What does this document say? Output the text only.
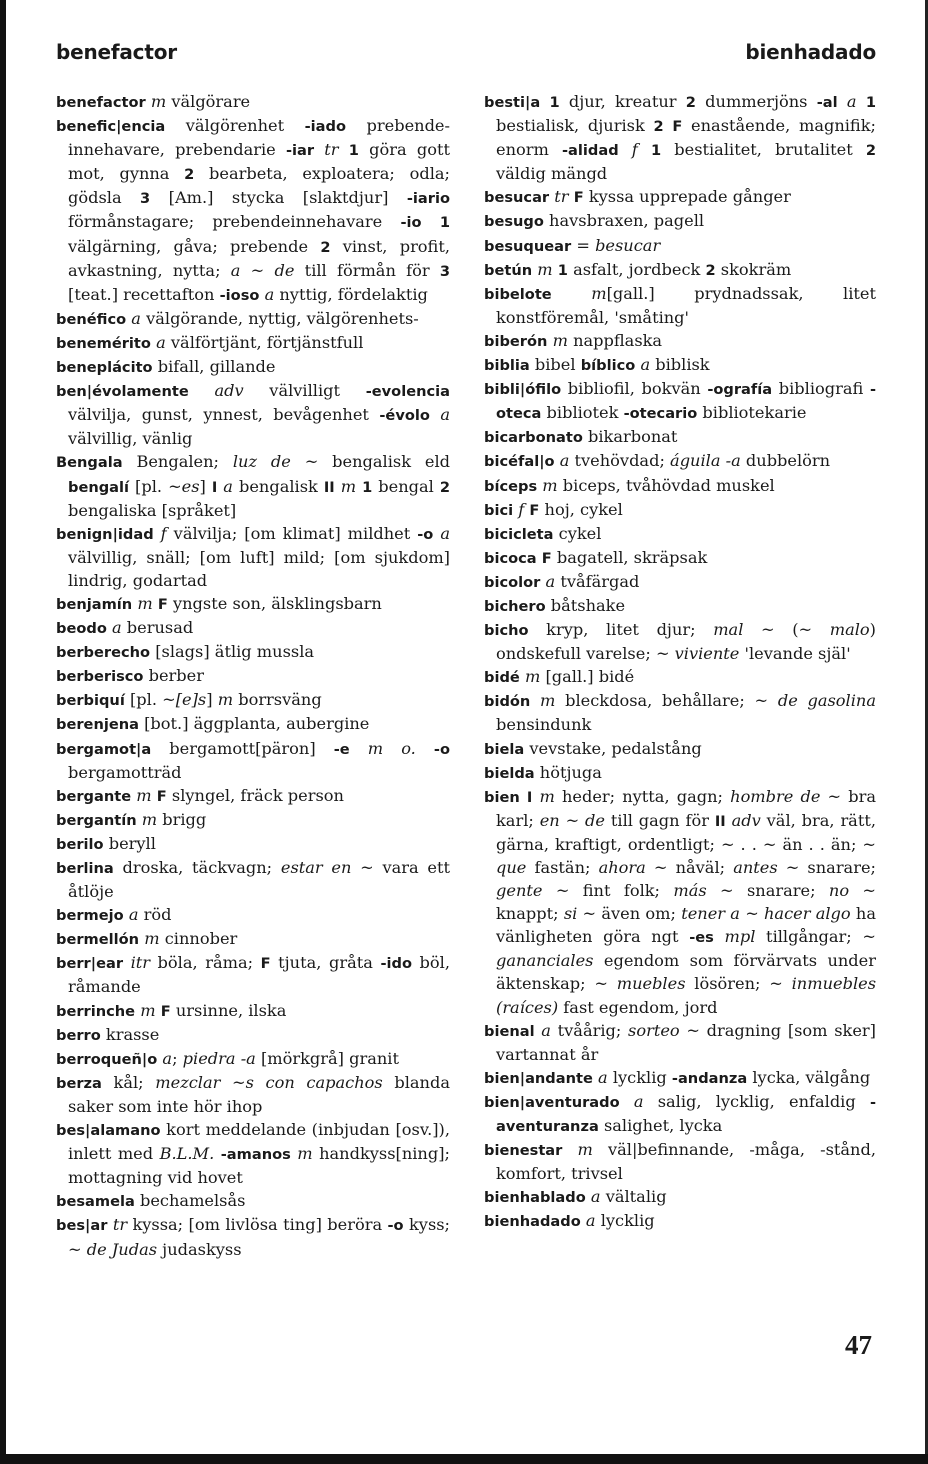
benefactor	bienhadado

benefactor m välgörare

benefic|encia välgörenhet -iado prebende-innehavare, prebendarie -iar tr 1 göra gott mot, gynna 2 bearbeta, exploatera; odla; gödsla 3 [Am.] stycka [slaktdjur] -iario förmånstagare; prebendeinnehavare -io 1 välgärning, gåva; prebende 2 vinst, profit, avkastning, nytta; a ~ de till förmån för 3 [teat.] recettafton -ioso a nyttig, fördelaktig

benéfico a välgörande, nyttig, välgörenhets-

benemérito a välförtjänt, förtjänstfull

beneplácito bifall, gillande

ben|évolamente adv välvilligt -evolencia välvilja, gunst, ynnest, bevågenhet -évolo a välvillig, vänlig

Bengala Bengalen; luz de ~ bengalisk eld bengalí [pl. ~es] I a bengalisk II m 1 bengal 2 bengaliska [språket]

benign|idad f välvilja; [om klimat] mildhet -o a välvillig, snäll; [om luft] mild; [om sjukdom] lindrig, godartad

benjamín m F yngste son, älsklingsbarn

beodo a berusad

berberecho [slags] ätlig mussla

berberisco berber

berbiquí [pl. ~[e]s] m borrsväng

berenjena [bot.] äggplanta, aubergine

bergamot|a bergamott[päron] -e m o. -o bergamotträd

bergante m F slyngel, fräck person

bergantín m brigg

berilo beryll

berlina droska, täckvagn; estar en ~ vara ett åtlöje

bermejo a röd

bermellón m cinnober

berr|ear itr böla, råma; F tjuta, gråta -ido böl, råmande

berrinche m F ursinne, ilska

berro krasse

berroqueñ|o a; piedra -a [mörkgrå] granit

berza kål; mezclar ~s con capachos blanda saker som inte hör ihop

bes|alamano kort meddelande (inbjudan [osv.]), inlett med B.L.M. -amanos m handkyss[ning]; mottagning vid hovet

besamela bechamelsås

bes|ar tr kyssa; [om livlösa ting] beröra -o kyss; ~ de Judas judaskyss

besti|a 1 djur, kreatur 2 dummerjöns -al a 1 bestialisk, djurisk 2 F enastående, magnifik; enorm -alidad f 1 bestialitet, brutalitet 2 väldig mängd

besucar tr F kyssa upprepade gånger

besugo havsbraxen, pagell

besuquear = besucar

betún m 1 asfalt, jordbeck 2 skokräm

bibelote m[gall.] prydnadssak, litet konstföremål, 'småting'

biberón m nappflaska

biblia bibel bíblico a biblisk

bibli|ófilo bibliofil, bokvän -ografía bibliografi -oteca bibliotek -otecario bibliotekarie

bicarbonato bikarbonat

bicéfal|o a tvehövdad; águila -a dubbelörn

bíceps m biceps, tvåhövdad muskel

bici f F hoj, cykel

bicicleta cykel

bicoca F bagatell, skräpsak

bicolor a tvåfärgad

bichero båtshake

bicho kryp, litet djur; mal ~ (~ malo) ondskefull varelse; ~ viviente 'levande själ'

bidé m [gall.] bidé

bidón m bleckdosa, behållare; ~ de gasolina bensindunk

biela vevstake, pedalstång

bielda hötjuga

bien I m heder; nytta, gagn; hombre de ~ bra karl; en ~ de till gagn för II adv väl, bra, rätt, gärna, kraftigt, ordentligt; ~ . . ~ än . . än; ~ que fastän; ahora ~ nåväl; antes ~ snarare; gente ~ fint folk; más ~ snarare; no ~ knappt; si ~ även om; tener a ~ hacer algo ha vänligheten göra ngt -es mpl tillgångar; ~ gananciales egendom som förvärvats under äktenskap; ~ muebles lösören; ~ inmuebles (raíces) fast egendom, jord

bienal a tvåårig; sorteo ~ dragning [som sker] vartannat år

bien|andante a lycklig -andanza lycka, välgång

bien|aventurado a salig, lycklig, enfaldig -aventuranza salighet, lycka

bienestar m väl|befinnande, -måga, -stånd, komfort, trivsel

bienhablado a vältalig

bienhadado a lycklig

47
